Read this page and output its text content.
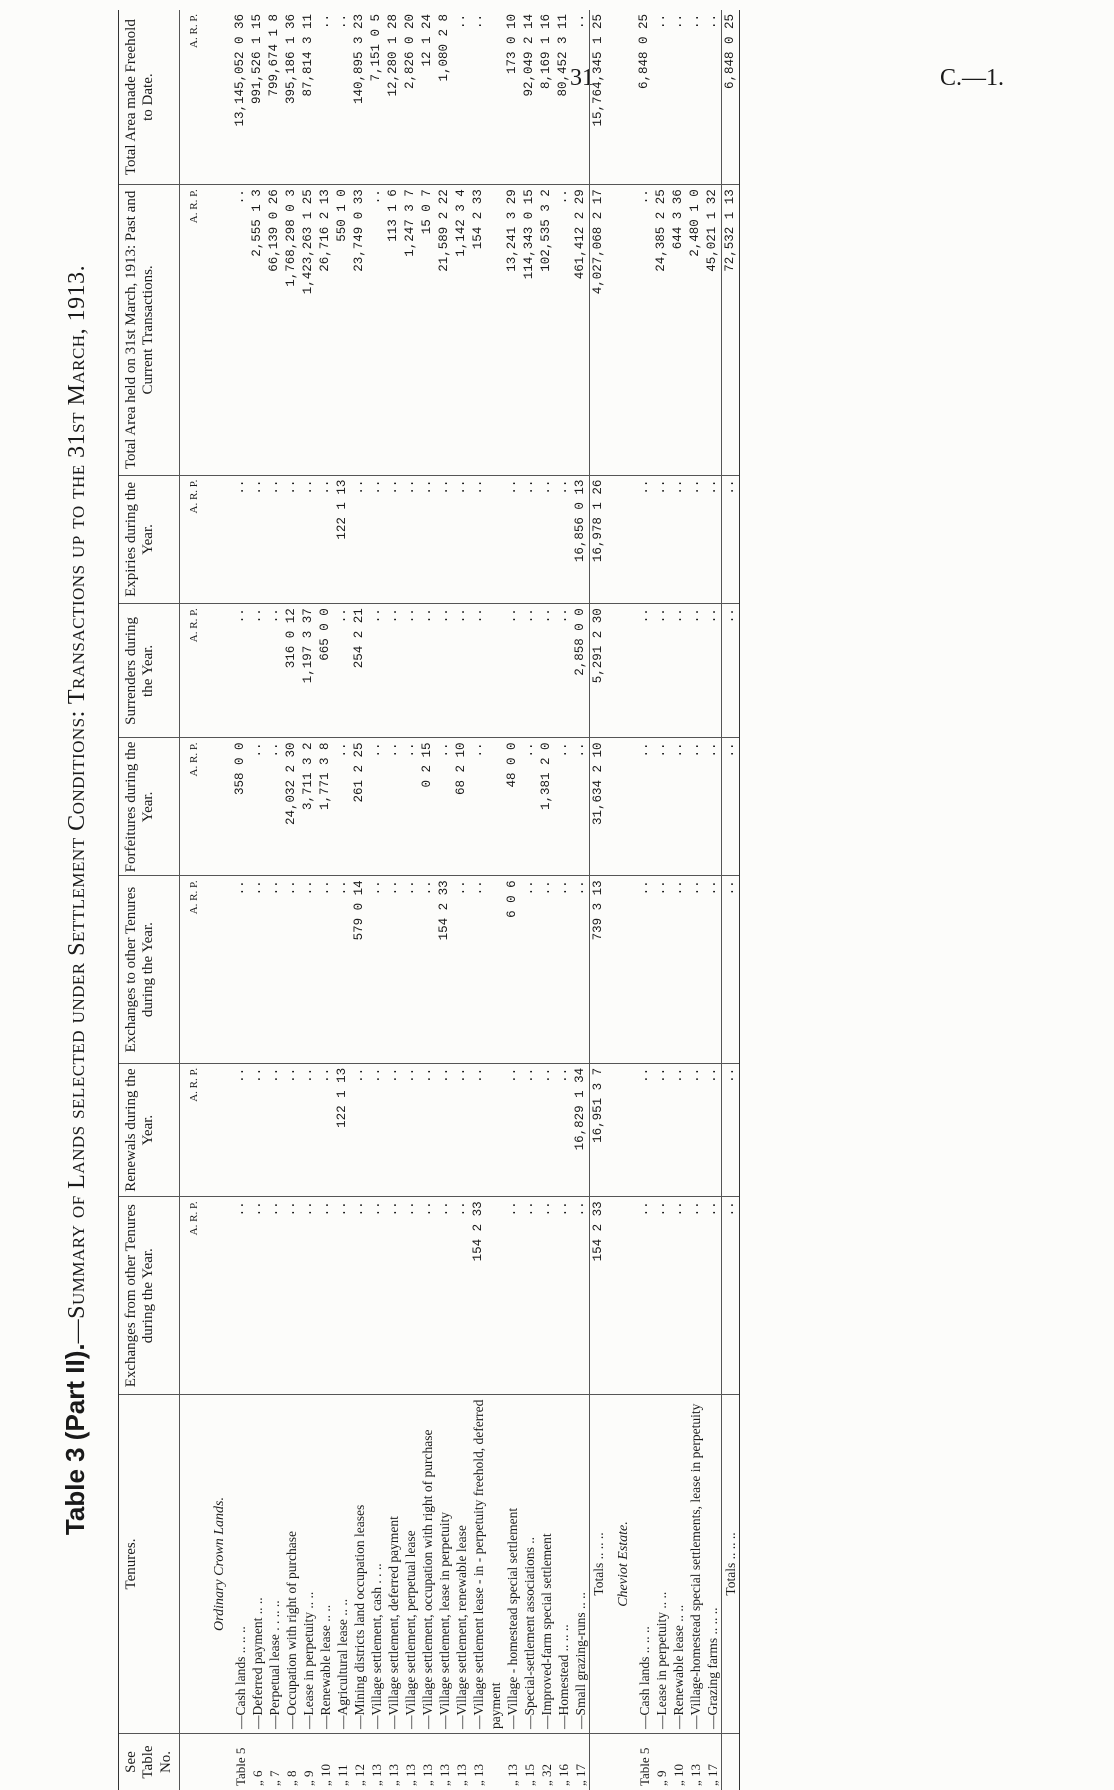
31	C.—1.
Table 3 (Part II).—Summary of Lands selected under Settlement Conditions: Transactions up to the 31st March, 1913.
See Table No.	Tenures.	Exchanges from other Tenures during the Year.	Renewals during the Year.	Exchanges to other Tenures during the Year.	Forfeitures during the Year.	Surrenders during the Year.	Expiries during the Year.	Total Area held on 31st March, 1913: Past and Current Transactions.	Total Area made Freehold to Date.
		A. R. P.	A. R. P.	A. R. P.	A. R. P.	A. R. P.	A. R. P.	A. R. P.	A. R. P.
	Ordinary Crown Lands.								
Table 5	—Cash lands .. .. ..	..	..	..	358 0 0	..	..	..	13,145,052 0 36
„ 6	—Deferred payment .. ..	..	..	..	..	..	..	2,555 1 3	991,526 1 15
„ 7	—Perpetual lease . . .. ..	..	..	..	..	..	..	66,139 0 26	799,674 1 8
„ 8	—Occupation with right of purchase	..	..	..	24,032 2 30	316 0 12	..	1,768,298 0 3	395,186 1 36
„ 9	—Lease in perpetuity .. ..	..	..	..	3,711 3 2	1,197 3 37	..	1,423,263 1 25	87,814 3 11
„ 10	—Renewable lease .. ..	..	..	..	1,771 3 8	665 0 0	..	26,716 2 13	..
„ 11	—Agricultural lease .. ..	..	122 1 13	..	..	..	122 1 13	550 1 0	..
„ 12	—Mining districts land occupation leases	..	..	579 0 14	261 2 25	254 2 21	..	23,749 0 33	140,895 3 23
„ 13	—Village settlement, cash . . ..	..	..	..	..	..	..	..	7,151 0 5
„ 13	—Village settlement, deferred payment	..	..	..	..	..	..	113 1 6	12,280 1 28
„ 13	—Village settlement, perpetual lease	..	..	..	..	..	..	1,247 3 7	2,826 0 20
„ 13	—Village settlement, occupation with right of purchase	..	..	..	0 2 15	..	..	15 0 7	12 1 24
„ 13	—Village settlement, lease in perpetuity	..	..	154 2 33	..	..	..	21,589 2 22	1,080 2 8
„ 13	—Village settlement, renewable lease	..	..	..	68 2 10	..	..	1,142 3 4	..
„ 13	—Village settlement lease - in - perpetuity freehold, deferred payment	154 2 33	..	..	..	..	..	154 2 33	..
„ 13	—Village - homestead special settlement	..	..	6 0 6	48 0 0	..	..	13,241 3 29	173 0 10
„ 15	—Special-settlement associations ..	..	..	..	..	..	..	114,343 0 15	92,049 2 14
„ 32	—Improved-farm special settlement	..	..	..	1,381 2 0	..	..	102,535 3 2	8,169 1 16
„ 16	—Homestead .. .. ..	..	..	..	..	..	..	..	80,452 3 11
„ 17	—Small grazing-runs .. ..	..	16,829 1 34	..	..	2,858 0 0	16,856 0 13	461,412 2 29	..
	Totals .. .. ..	154 2 33	16,951 3 7	739 3 13	31,634 2 10	5,291 2 30	16,978 1 26	4,027,068 2 17	15,764,345 1 25
	Cheviot Estate.								
Table 5	—Cash lands .. .. ..	..	..	..	..	..	..	..	6,848 0 25
„ 9	—Lease in perpetuity .. ..	..	..	..	..	..	..	24,385 2 25	..
„ 10	—Renewable lease .. ..	..	..	..	..	..	..	644 3 36	..
„ 13	—Village-homestead special settlements, lease in perpetuity	..	..	..	..	..	..	2,480 1 0	..
„ 17	—Grazing farms .. .. ..	..	..	..	..	..	..	45,021 1 32	..
	Totals .. .. ..	..	..	..	..	..	..	72,532 1 13	6,848 0 25
